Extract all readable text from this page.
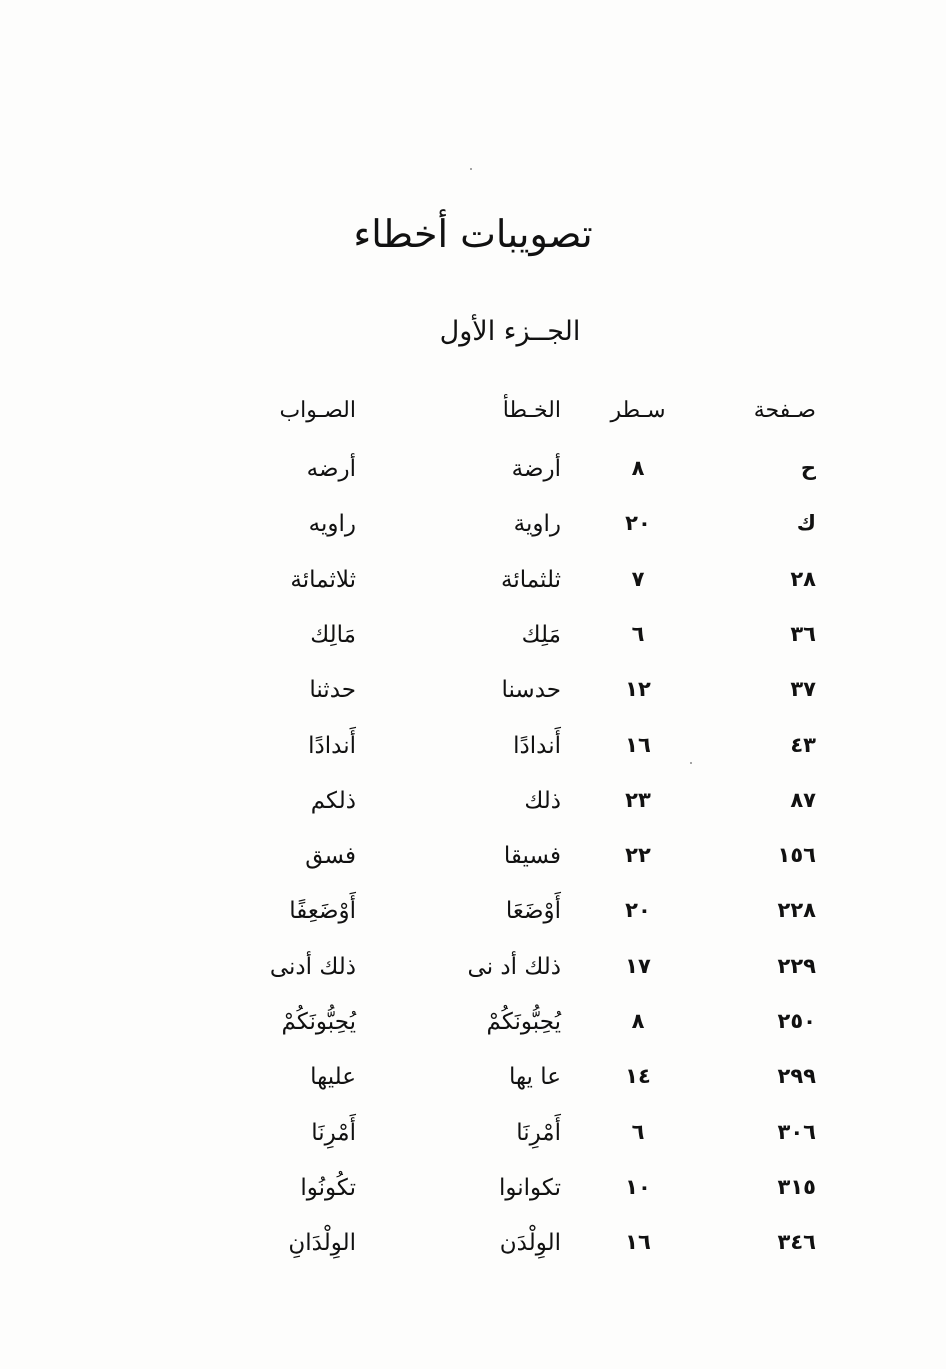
تصويبات أخطاء
الجــزء الأول
صـفحة
سـطر
الخـطأ
الصـواب
ح
٨
أرضة
أرضه
ك
٢٠
راوية
راويه
٢٨
٧
ثلثمائة
ثلاثمائة
٣٦
٦
مَلِك
مَالِك
٣٧
١٢
حدسنا
حدثنا
٤٣
١٦
أَندادًا
أَندادًا
٨٧
٢٣
ذلك
ذلكم
١٥٦
٢٢
فسيقا
فسق
٢٢٨
٢٠
أَوْضَعَا
أَوْضَعِفًا
٢٢٩
١٧
ذلك أد نى
ذلك أدنى
٢٥٠
٨
يُحِبُّونَكُمْ
يُحِبُّونَكُمْ
٢٩٩
١٤
عا يها
عليها
٣٠٦
٦
أَمْرِنَا
أَمْرِنَا
٣١٥
١٠
تكوانوا
تكُونُوا
٣٤٦
١٦
الوِلْدَن
الوِلْدَانِ
